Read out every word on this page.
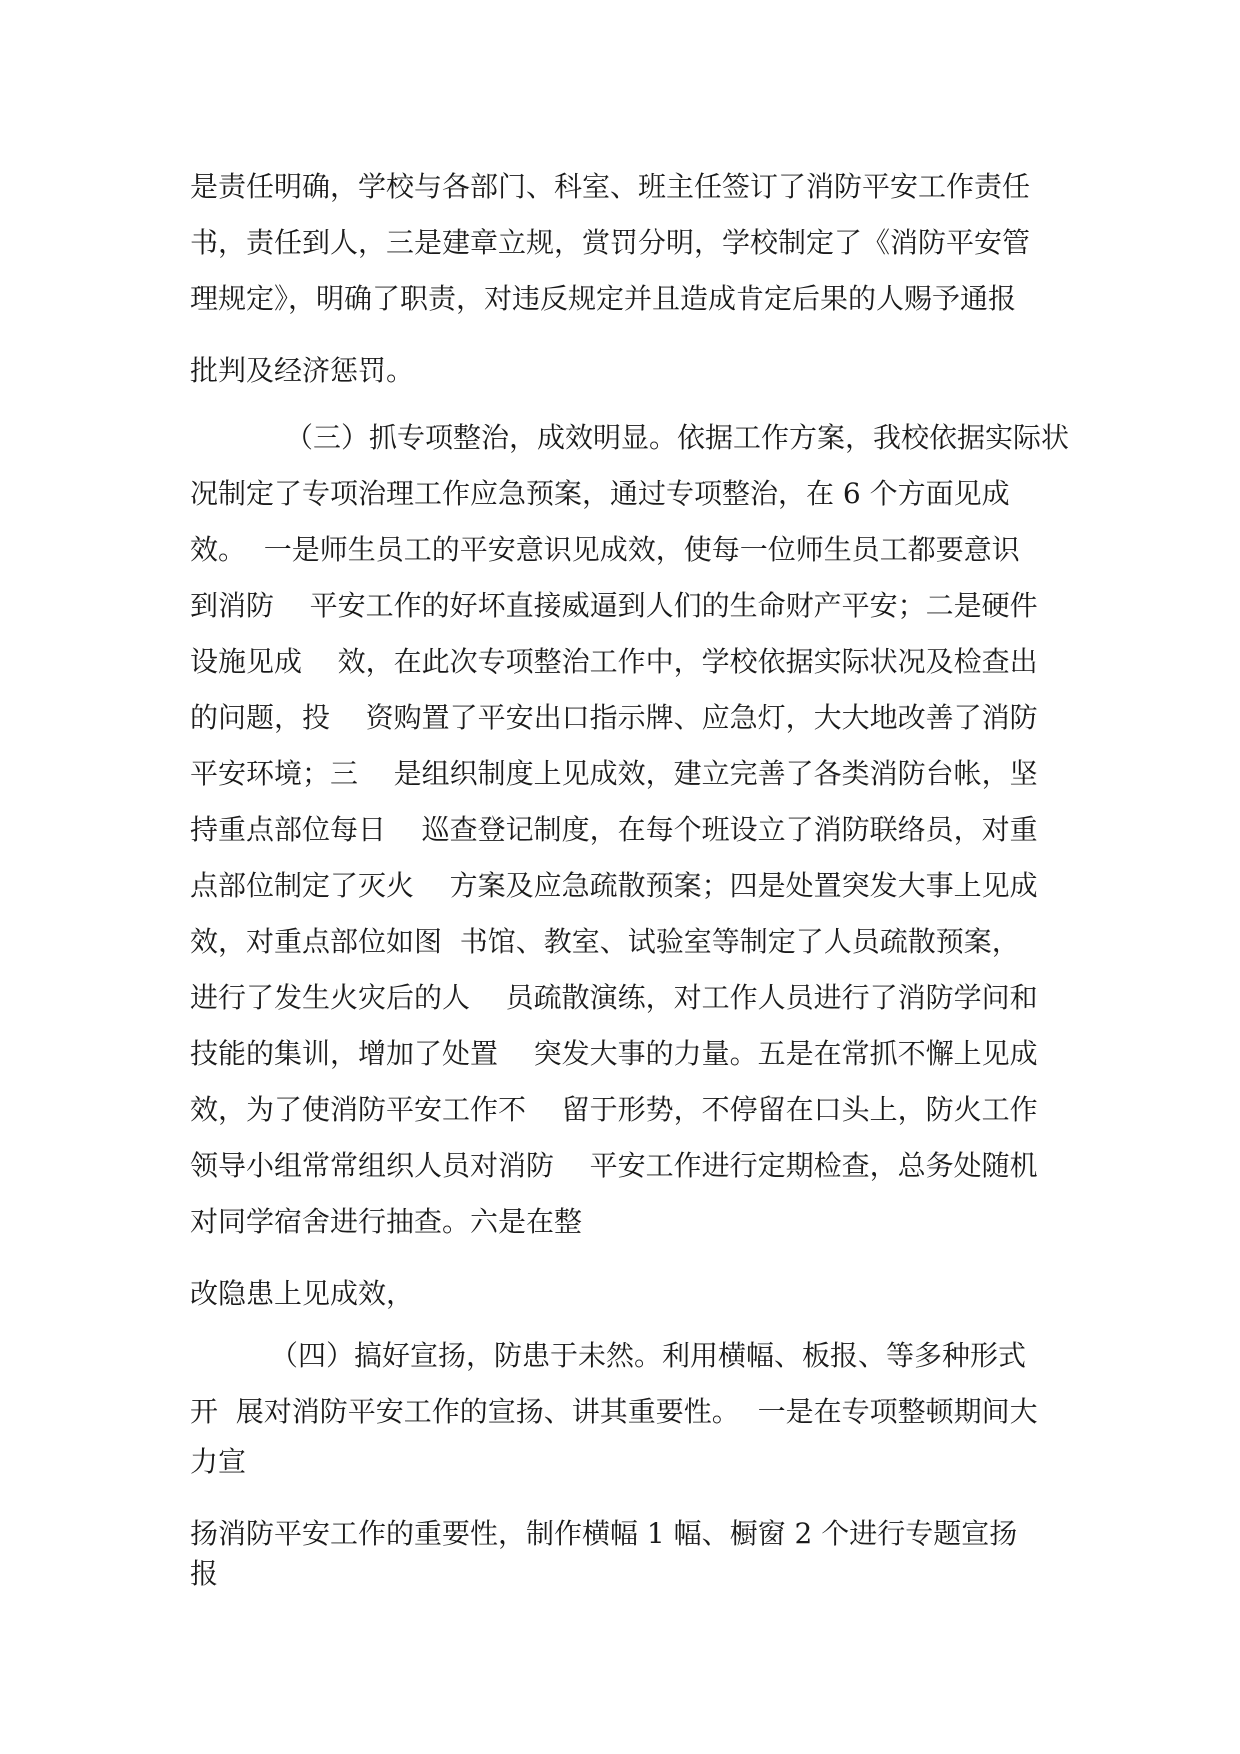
是责任明确，学校与各部门、科室、班主任签订了消防平安工作责任

书，责任到人，三是建章立规，赏罚分明，学校制定了《消防平安管

理规定》，明确了职责，对违反规定并且造成肯定后果的人赐予通报

批判及经济惩罚。

（三）抓专项整治，成效明显。依据工作方案，我校依据实际状

况制定了专项治理工作应急预案，通过专项整治，在 6 个方面见成

效。  一是师生员工的平安意识见成效，使每一位师生员工都要意识

到消防    平安工作的好坏直接威逼到人们的生命财产平安；二是硬件

设施见成    效，在此次专项整治工作中，学校依据实际状况及检查出

的问题，投    资购置了平安出口指示牌、应急灯，大大地改善了消防

平安环境；三    是组织制度上见成效，建立完善了各类消防台帐，坚

持重点部位每日    巡查登记制度，在每个班设立了消防联络员，对重

点部位制定了灭火    方案及应急疏散预案；四是处置突发大事上见成

效，对重点部位如图  书馆、教室、试验室等制定了人员疏散预案，

进行了发生火灾后的人    员疏散演练，对工作人员进行了消防学问和

技能的集训，增加了处置    突发大事的力量。五是在常抓不懈上见成

效，为了使消防平安工作不    留于形势，不停留在口头上，防火工作

领导小组常常组织人员对消防    平安工作进行定期检查，总务处随机

对同学宿舍进行抽查。六是在整

改隐患上见成效，

（四）搞好宣扬，防患于未然。利用横幅、板报、等多种形式

开  展对消防平安工作的宣扬、讲其重要性。  一是在专项整顿期间大

力宣

扬消防平安工作的重要性，制作横幅 1 幅、橱窗 2 个进行专题宣扬

报
